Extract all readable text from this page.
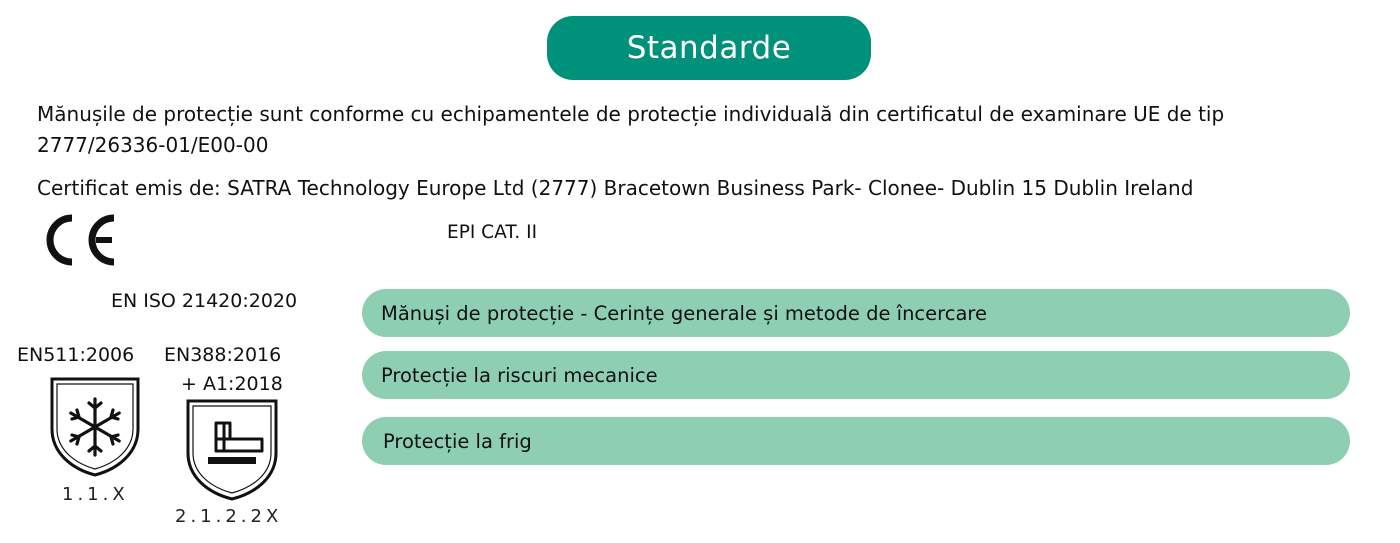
Standarde
Mănușile de protecție sunt conforme cu echipamentele de protecție individuală din certificatul de examinare UE de tip
2777/26336-01/E00-00
Certificat emis de: SATRA Technology Europe Ltd (2777) Bracetown Business Park- Clonee- Dublin 15 Dublin Ireland
EPI CAT. II
EN ISO 21420:2020
EN511:2006 EN388:2016
+ A1:2018
1.1.X
2.1.2.2X
Mănuși de protecție - Cerințe generale și metode de încercare
Protecție la riscuri mecanice
Protecție la frig
